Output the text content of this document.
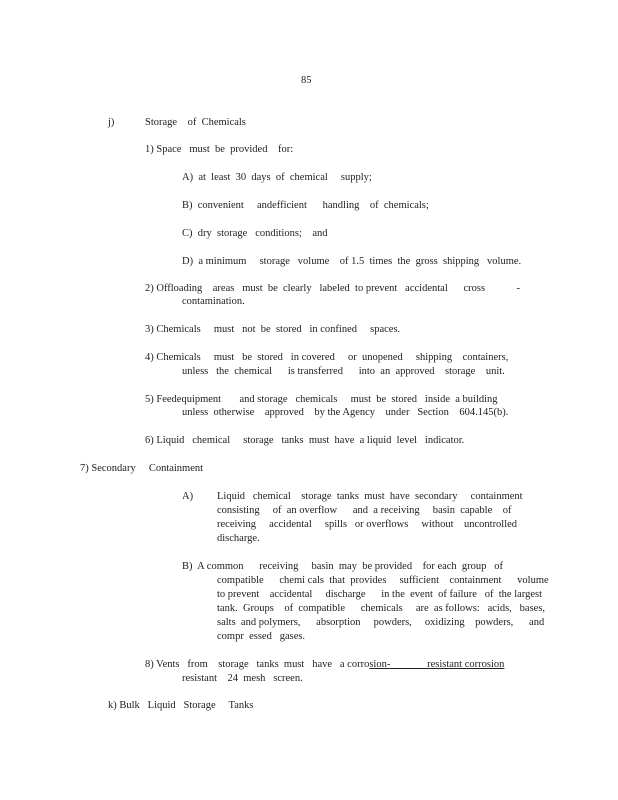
85
j)	Storage    of  Chemicals
1) Space   must  be  provided    for:
A)  at  least  30  days  of  chemical     supply;
B)  convenient     andefficient      handling    of  chemicals;
C)  dry  storage   conditions;    and
D)  a minimum     storage   volume    of 1.5  times  the  gross  shipping   volume.
2) Offloading    areas   must  be  clearly   labeled  to prevent   accidental      cross            -
contamination.
3) Chemicals     must   not  be  stored   in confined     spaces.
4) Chemicals     must   be  stored   in covered     or  unopened     shipping    containers,
unless   the  chemical      is transferred      into  an  approved    storage    unit.
5) Feedequipment       and storage   chemicals     must  be  stored   inside  a building
unless  otherwise    approved    by the Agency    under   Section    604.145(b).
6) Liquid   chemical     storage   tanks  must  have  a liquid  level   indicator.
7) Secondary     Containment
A) Liquid   chemical    storage  tanks  must  have  secondary     containment
consisting     of  an overflow      and  a receiving     basin  capable    of
receiving     accidental     spills   or overflows     without    uncontrolled
discharge.
B)  A common      receiving     basin  may  be provided    for each  group   of
compatible      chemi cals  that  provides     sufficient    containment      volume
to prevent    accidental     discharge      in the  event  of failure   of  the largest
tank.  Groups    of  compatible      chemicals     are  as follows:   acids,   bases,
salts  and polymers,      absorption     powders,     oxidizing    powders,      and
compr  essed   gases.
8) Vents   from    storage   tanks  must   have   a corrosion-              resistant corrosion
resistant    24  mesh   screen.
k) Bulk   Liquid   Storage     Tanks
